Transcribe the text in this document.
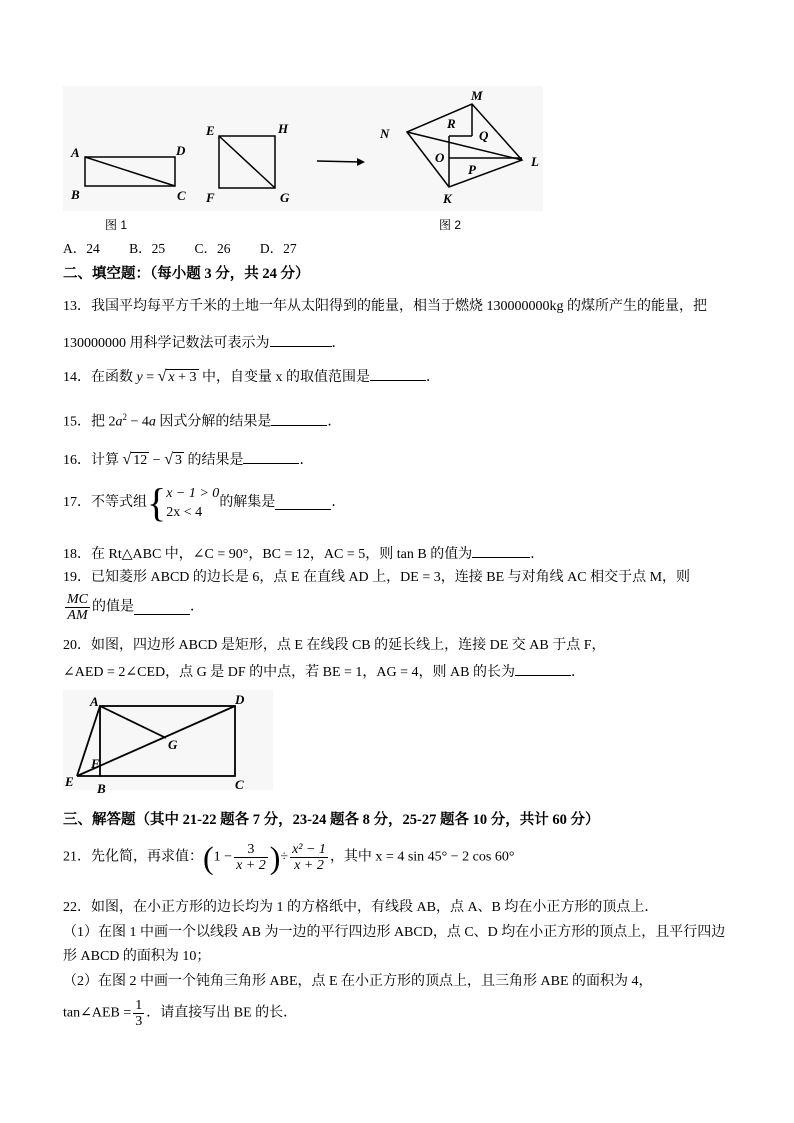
A	D
B	C
E	H
F	G
图 1
M
R
Q
N
O
P
L
K
图 2
A．24 B．25 C．26 D．27
二、填空题：（每小题 3 分，共 24 分）
13．我国平均每平方千米的土地一年从太阳得到的能量，相当于燃烧 130000000kg 的煤所产生的能量，把
130000000 用科学记数法可表示为	．
14．在函数 y = √ x + 3 中，自变量 x 的取值范围是	．
15．把 $2a^2 - 4a$ 因式分解的结果是	．
16．计算 √ 12 − √ 3 的结果是	．
17．不等式组{ x − 1 > 0
2x < 4
的解集是	．
18．在 Rt△ABC 中，∠C = 90°，BC = 12，AC = 5，则 tan B 的值为	．
19．已知菱形 ABCD 的边长是 6，点 E 在直线 AD 上，DE = 3，连接 BE 与对角线 AC 相交于点 M，则
$\frac{MC}{AM}$ 的值是	．
20．如图，四边形 ABCD 是矩形，点 E 在线段 CB 的延长线上，连接 DE 交 AB 于点 F，
∠AED = 2∠CED，点 G 是 DF 的中点，若 BE = 1，AG = 4，则 AB 的长为	．
A	D
G
F
E B	C
三、解答题（其中 21-22 题各 7 分，23-24 题各 8 分，25-27 题各 10 分，共计 60 分）
21．先化简，再求值：($1 - \frac{3}{x + 2}$ )÷ $\frac{\text{x² − 1}}{x + 2}$ ，其中 x = 4 sin 45° − 2 cos 60°
22．如图，在小正方形的边长均为 1 的方格纸中，有线段 AB，点 A、B 均在小正方形的顶点上．
（1）在图 1 中画一个以线段 AB 为一边的平行四边形 ABCD，点 C、D 均在小正方形的顶点上，且平行四边
形 ABCD 的面积为 10；
（2）在图 2 中画一个钝角三角形 ABE，点 E 在小正方形的顶点上，且三角形 ABE 的面积为 4，
tan∠AEB = $\frac{1}{3}$ ．请直接写出 BE 的长．
